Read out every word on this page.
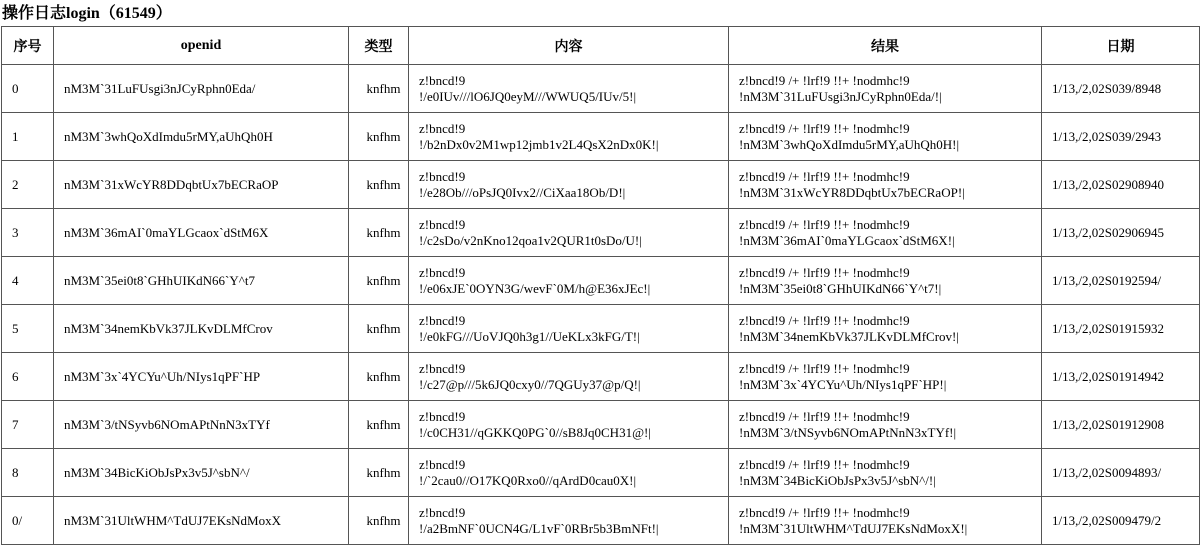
操作日志login（61549）
序号	openid	类型	内容	结果	日期
0	nM3M`31LuFUsgi3nJCyRphn0Eda/	knfhm	z!bncd!9
!/e0IUv///lO6JQ0eyM///WWUQ5/IUv/5!|	z!bncd!9 /+ !lrf!9 !!+ !nodmhc!9
!nM3M`31LuFUsgi3nJCyRphn0Eda/!|	1/13,/2,02S039/8948
1	nM3M`3whQoXdImdu5rMY,aUhQh0H	knfhm	z!bncd!9
!/b2nDx0v2M1wp12jmb1v2L4QsX2nDx0K!|	z!bncd!9 /+ !lrf!9 !!+ !nodmhc!9
!nM3M`3whQoXdImdu5rMY,aUhQh0H!|	1/13,/2,02S039/2943
2	nM3M`31xWcYR8DDqbtUx7bECRaOP	knfhm	z!bncd!9
!/e28Ob///oPsJQ0Ivx2//CiXaa18Ob/D!|	z!bncd!9 /+ !lrf!9 !!+ !nodmhc!9
!nM3M`31xWcYR8DDqbtUx7bECRaOP!|	1/13,/2,02S02908940
3	nM3M`36mAI`0maYLGcaox`dStM6X	knfhm	z!bncd!9
!/c2sDo/v2nKno12qoa1v2QUR1t0sDo/U!|	z!bncd!9 /+ !lrf!9 !!+ !nodmhc!9
!nM3M`36mAI`0maYLGcaox`dStM6X!|	1/13,/2,02S02906945
4	nM3M`35ei0t8`GHhUIKdN66`Y^t7	knfhm	z!bncd!9
!/e06xJE`0OYN3G/wevF`0M/h@E36xJEc!|	z!bncd!9 /+ !lrf!9 !!+ !nodmhc!9
!nM3M`35ei0t8`GHhUIKdN66`Y^t7!|	1/13,/2,02S0192594/
5	nM3M`34nemKbVk37JLKvDLMfCrov	knfhm	z!bncd!9
!/e0kFG///UoVJQ0h3g1//UeKLx3kFG/T!|	z!bncd!9 /+ !lrf!9 !!+ !nodmhc!9
!nM3M`34nemKbVk37JLKvDLMfCrov!|	1/13,/2,02S01915932
6	nM3M`3x`4YCYu^Uh/NIys1qPF`HP	knfhm	z!bncd!9
!/c27@p///5k6JQ0cxy0//7QGUy37@p/Q!|	z!bncd!9 /+ !lrf!9 !!+ !nodmhc!9
!nM3M`3x`4YCYu^Uh/NIys1qPF`HP!|	1/13,/2,02S01914942
7	nM3M`3/tNSyvb6NOmAPtNnN3xTYf	knfhm	z!bncd!9
!/c0CH31//qGKKQ0PG`0//sB8Jq0CH31@!|	z!bncd!9 /+ !lrf!9 !!+ !nodmhc!9
!nM3M`3/tNSyvb6NOmAPtNnN3xTYf!|	1/13,/2,02S01912908
8	nM3M`34BicKiObJsPx3v5J^sbN^/	knfhm	z!bncd!9
!/`2cau0//O17KQ0Rxo0//qArdD0cau0X!|	z!bncd!9 /+ !lrf!9 !!+ !nodmhc!9
!nM3M`34BicKiObJsPx3v5J^sbN^/!|	1/13,/2,02S0094893/
0/	nM3M`31UltWHM^TdUJ7EKsNdMoxX	knfhm	z!bncd!9
!/a2BmNF`0UCN4G/L1vF`0RBr5b3BmNFt!|	z!bncd!9 /+ !lrf!9 !!+ !nodmhc!9
!nM3M`31UltWHM^TdUJ7EKsNdMoxX!|	1/13,/2,02S009479/2
